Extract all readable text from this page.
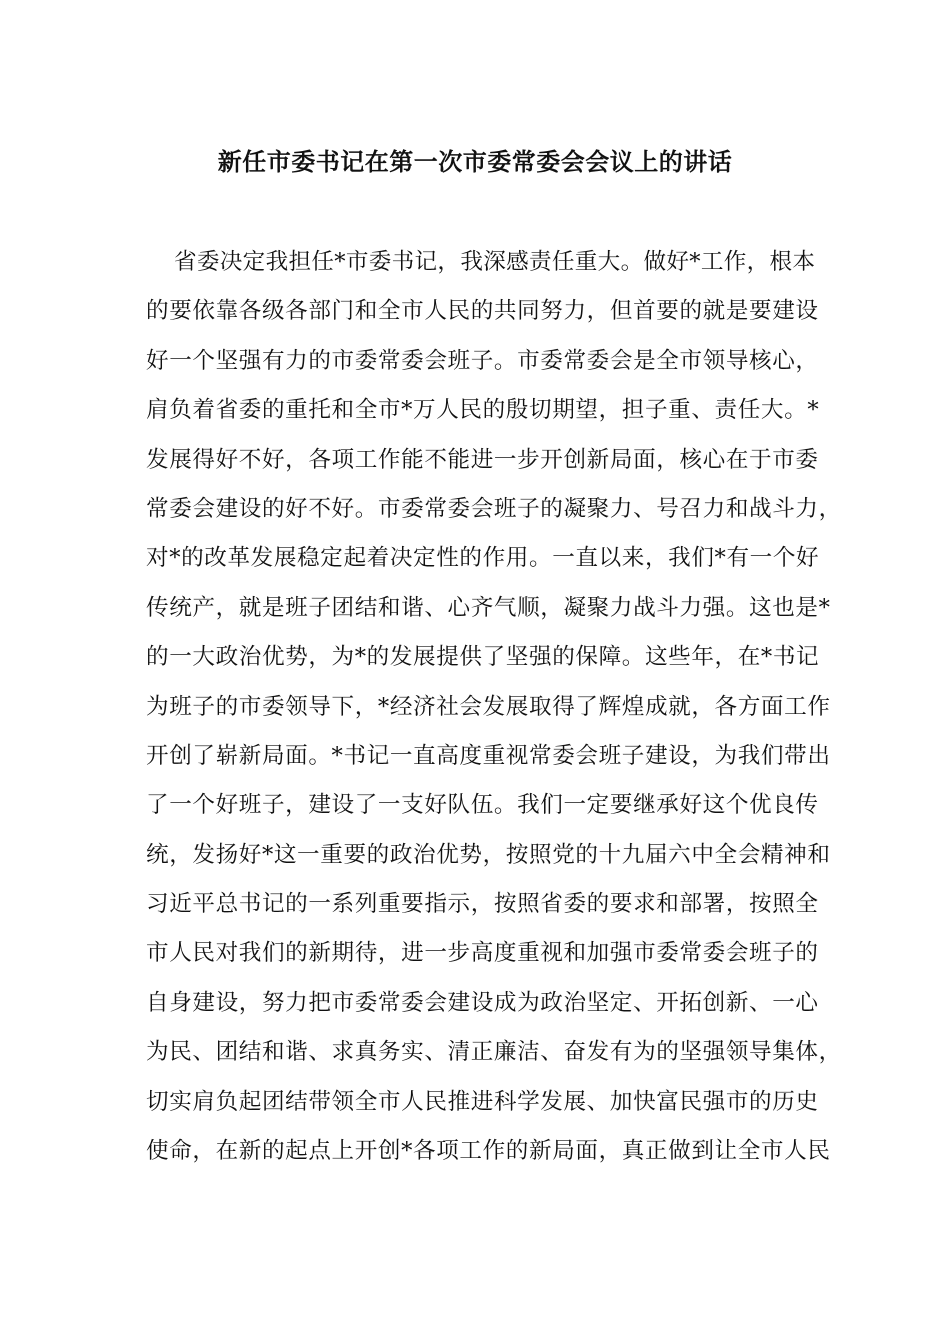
新任市委书记在第一次市委常委会会议上的讲话
省委决定我担任*市委书记，我深感责任重大。做好*工作，根本
的要依靠各级各部门和全市人民的共同努力，但首要的就是要建设
好一个坚强有力的市委常委会班子。市委常委会是全市领导核心，
肩负着省委的重托和全市*万人民的殷切期望，担子重、责任大。*
发展得好不好，各项工作能不能进一步开创新局面，核心在于市委
常委会建设的好不好。市委常委会班子的凝聚力、号召力和战斗力，
对*的改革发展稳定起着决定性的作用。一直以来，我们*有一个好
传统产，就是班子团结和谐、心齐气顺，凝聚力战斗力强。这也是*
的一大政治优势，为*的发展提供了坚强的保障。这些年，在*书记
为班子的市委领导下，*经济社会发展取得了辉煌成就，各方面工作
开创了崭新局面。*书记一直高度重视常委会班子建设，为我们带出
了一个好班子，建设了一支好队伍。我们一定要继承好这个优良传
统，发扬好*这一重要的政治优势，按照党的十九届六中全会精神和
习近平总书记的一系列重要指示，按照省委的要求和部署，按照全
市人民对我们的新期待，进一步高度重视和加强市委常委会班子的
自身建设，努力把市委常委会建设成为政治坚定、开拓创新、一心
为民、团结和谐、求真务实、清正廉洁、奋发有为的坚强领导集体，
切实肩负起团结带领全市人民推进科学发展、加快富民强市的历史
使命，在新的起点上开创*各项工作的新局面，真正做到让全市人民
